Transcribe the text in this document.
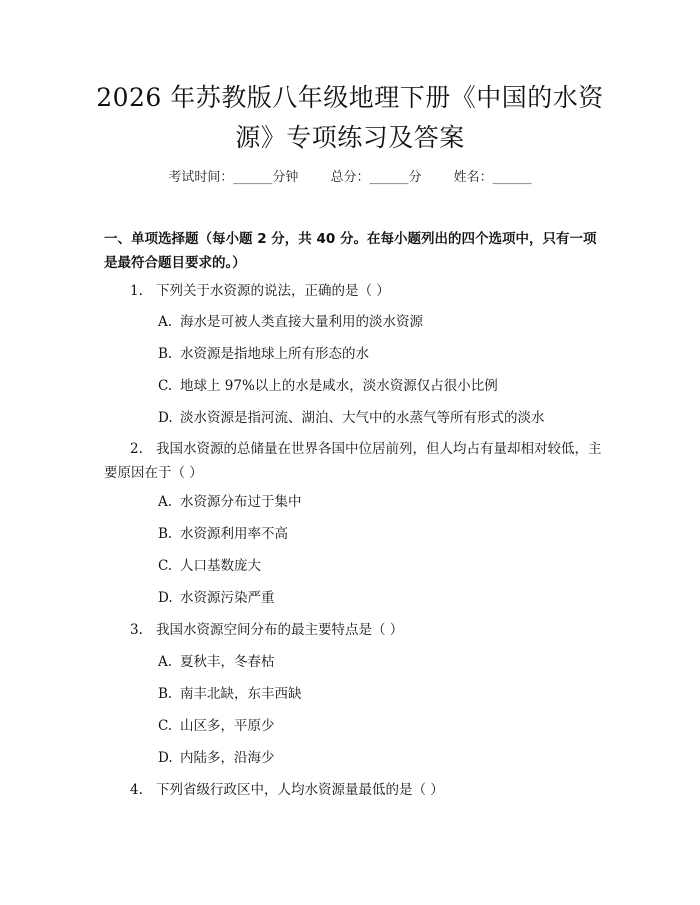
2026 年苏教版八年级地理下册《中国的水资
源》专项练习及答案
考试时间：______分钟 总分：______分 姓名：______
一、单项选择题（每小题 2 分，共 40 分。在每小题列出的四个选项中，只有一项是最符合题目要求的。）
1. 下列关于水资源的说法，正确的是（ ）
A. 海水是可被人类直接大量利用的淡水资源
B. 水资源是指地球上所有形态的水
C. 地球上 97%以上的水是咸水，淡水资源仅占很小比例
D. 淡水资源是指河流、湖泊、大气中的水蒸气等所有形式的淡水
2. 我国水资源的总储量在世界各国中位居前列，但人均占有量却相对较低，主要原因在于（ ）
A. 水资源分布过于集中
B. 水资源利用率不高
C. 人口基数庞大
D. 水资源污染严重
3. 我国水资源空间分布的最主要特点是（ ）
A. 夏秋丰，冬春枯
B. 南丰北缺，东丰西缺
C. 山区多，平原少
D. 内陆多，沿海少
4. 下列省级行政区中，人均水资源量最低的是（ ）
